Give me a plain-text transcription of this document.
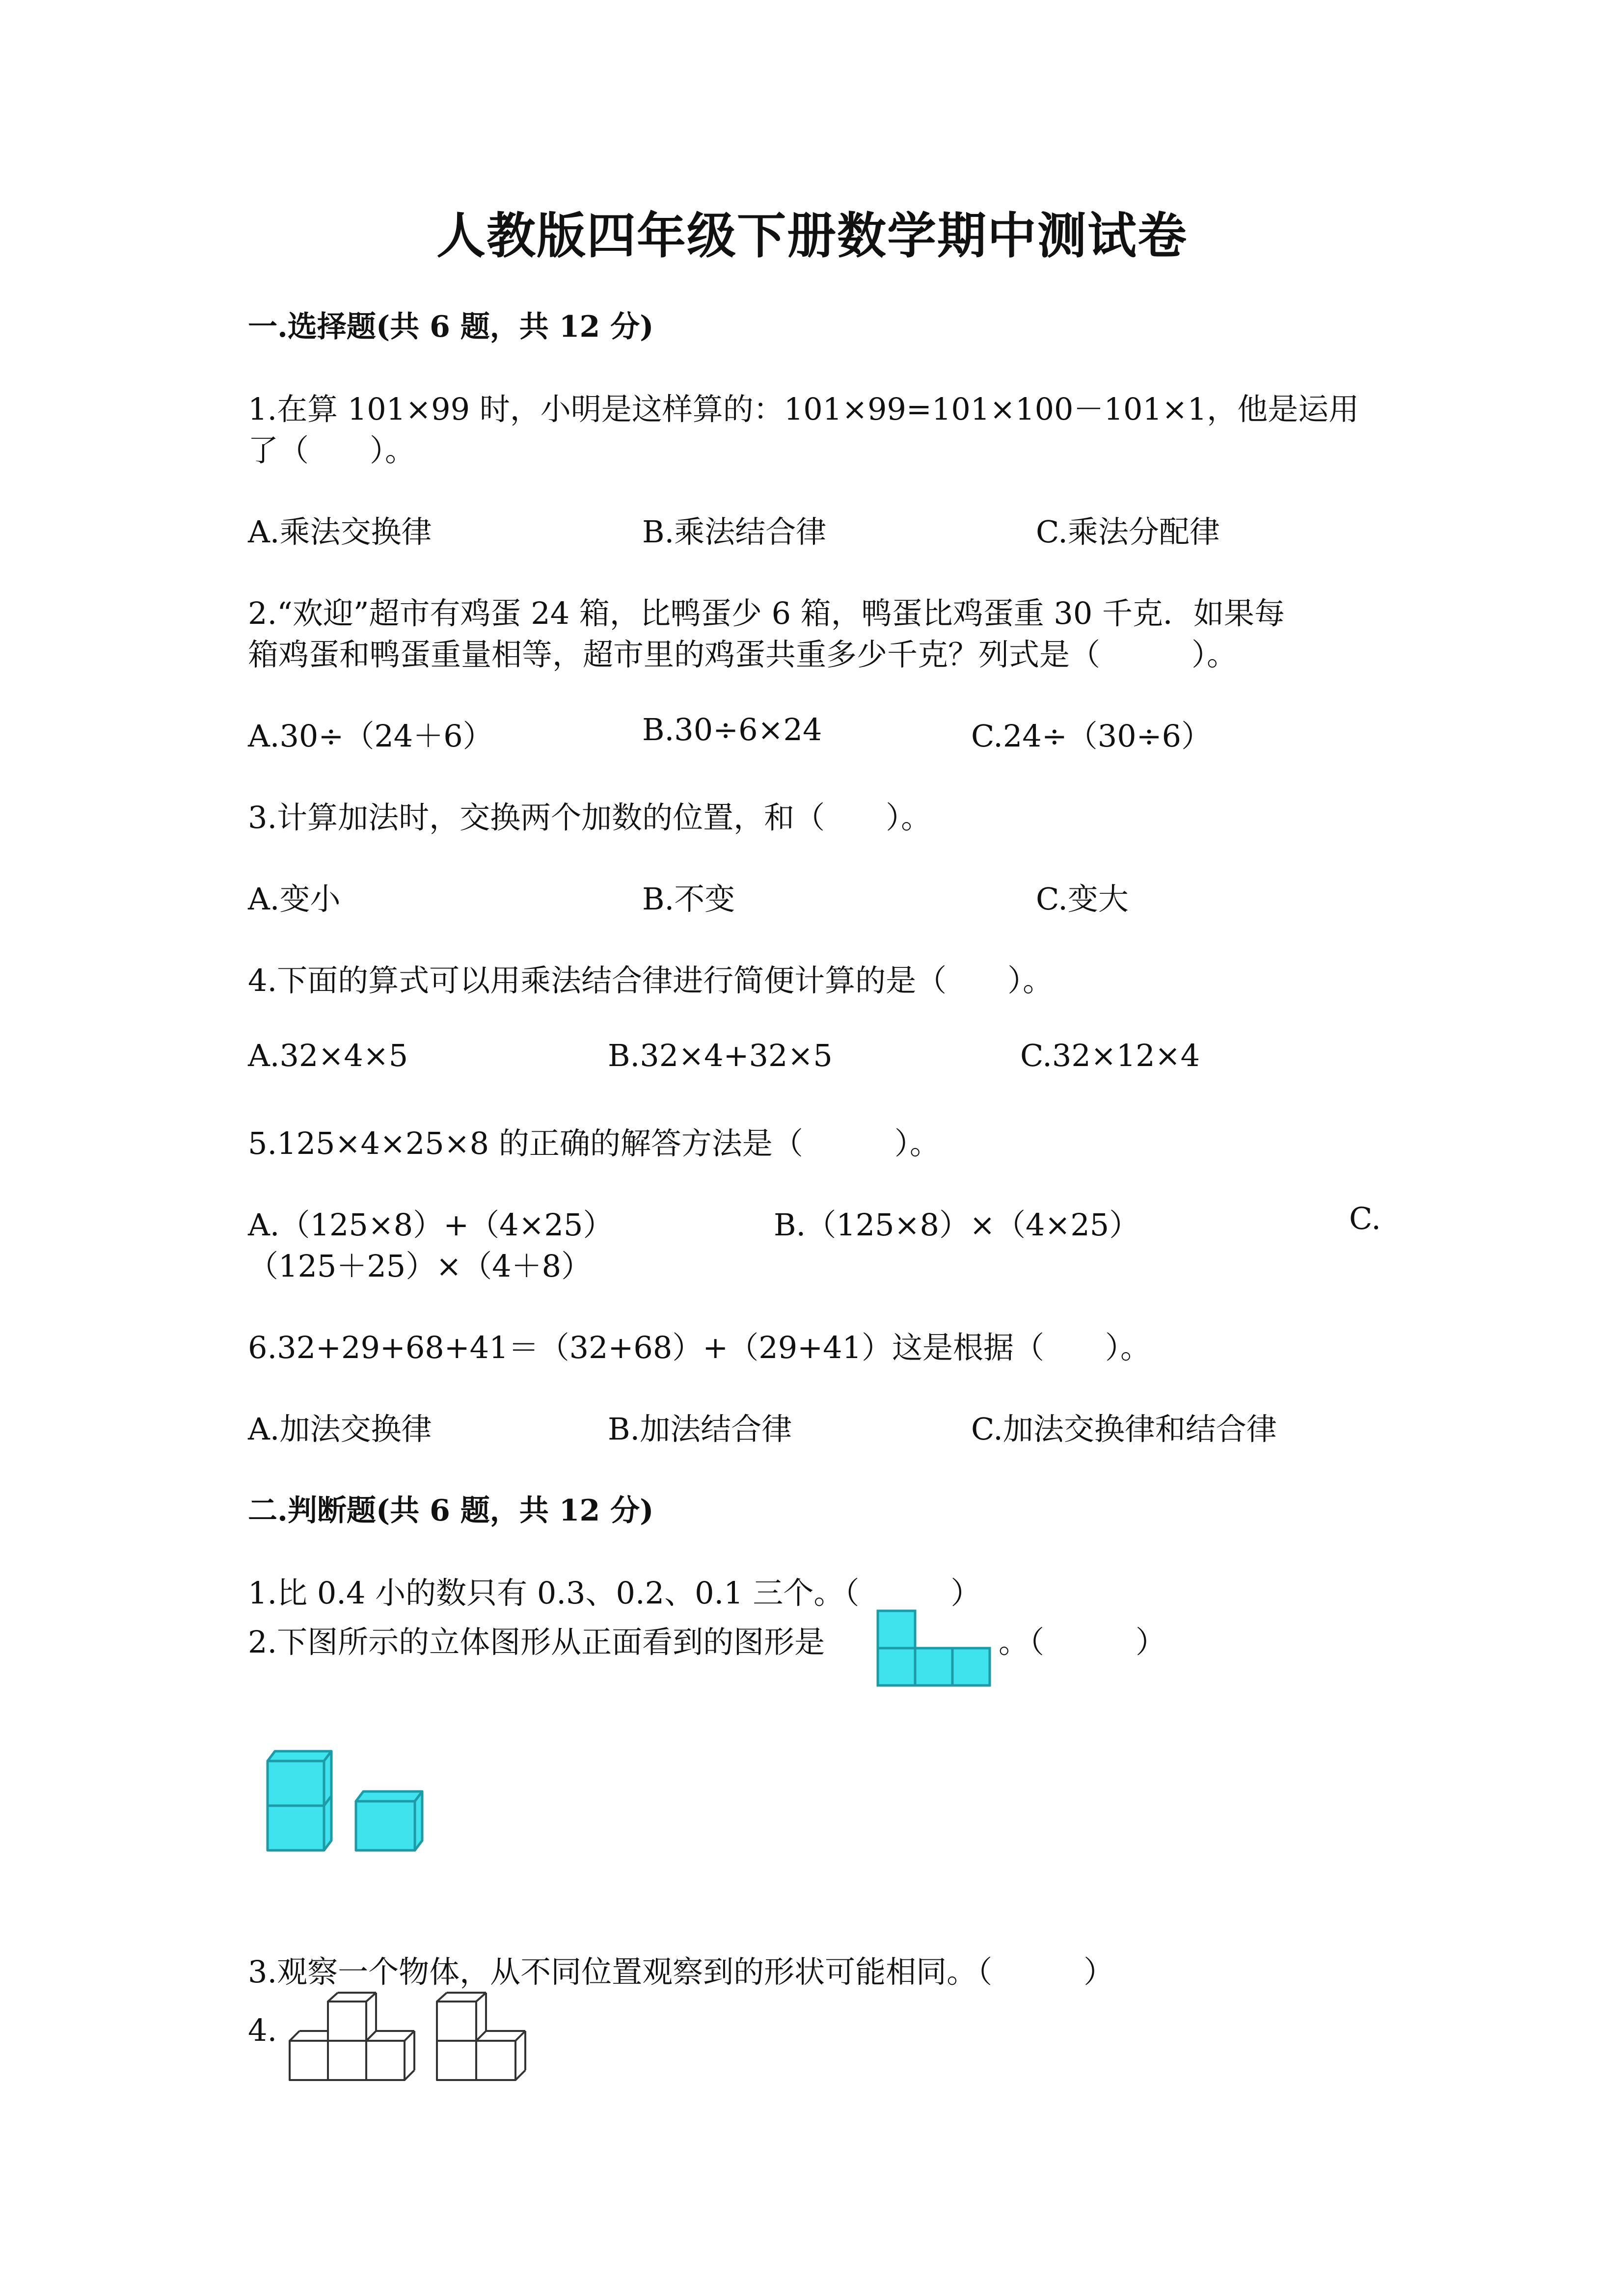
人教版四年级下册数学期中测试卷
一.选择题(共 6 题，共 12 分)
1.在算 101×99 时，小明是这样算的：101×99=101×100－101×1，他是运用
了（　　）。
A.乘法交换律	B.乘法结合律	C.乘法分配律
2.“欢迎”超市有鸡蛋 24 箱，比鸭蛋少 6 箱，鸭蛋比鸡蛋重 30 千克．如果每
箱鸡蛋和鸭蛋重量相等，超市里的鸡蛋共重多少千克？列式是（　　　）。
A.30÷（24＋6）	B.30÷6×24	C.24÷（30÷6）
3.计算加法时，交换两个加数的位置，和（　　）。
A.变小	B.不变	C.变大
4.下面的算式可以用乘法结合律进行简便计算的是（　　）。
A.32×4×5	B.32×4+32×5	C.32×12×4
5.125×4×25×8 的正确的解答方法是（　　　）。
A.（125×8）+（4×25）	B.（125×8）×（4×25）	C.
（125＋25）×（4＋8）
6.32+29+68+41＝（32+68）+（29+41）这是根据（　　）。
A.加法交换律	B.加法结合律	C.加法交换律和结合律
二.判断题(共 6 题，共 12 分)
1.比 0.4 小的数只有 0.3、0.2、0.1 三个。（　　　）
2.下图所示的立体图形从正面看到的图形是	。（　　　）
3.观察一个物体，从不同位置观察到的形状可能相同。（　　　）
4.
